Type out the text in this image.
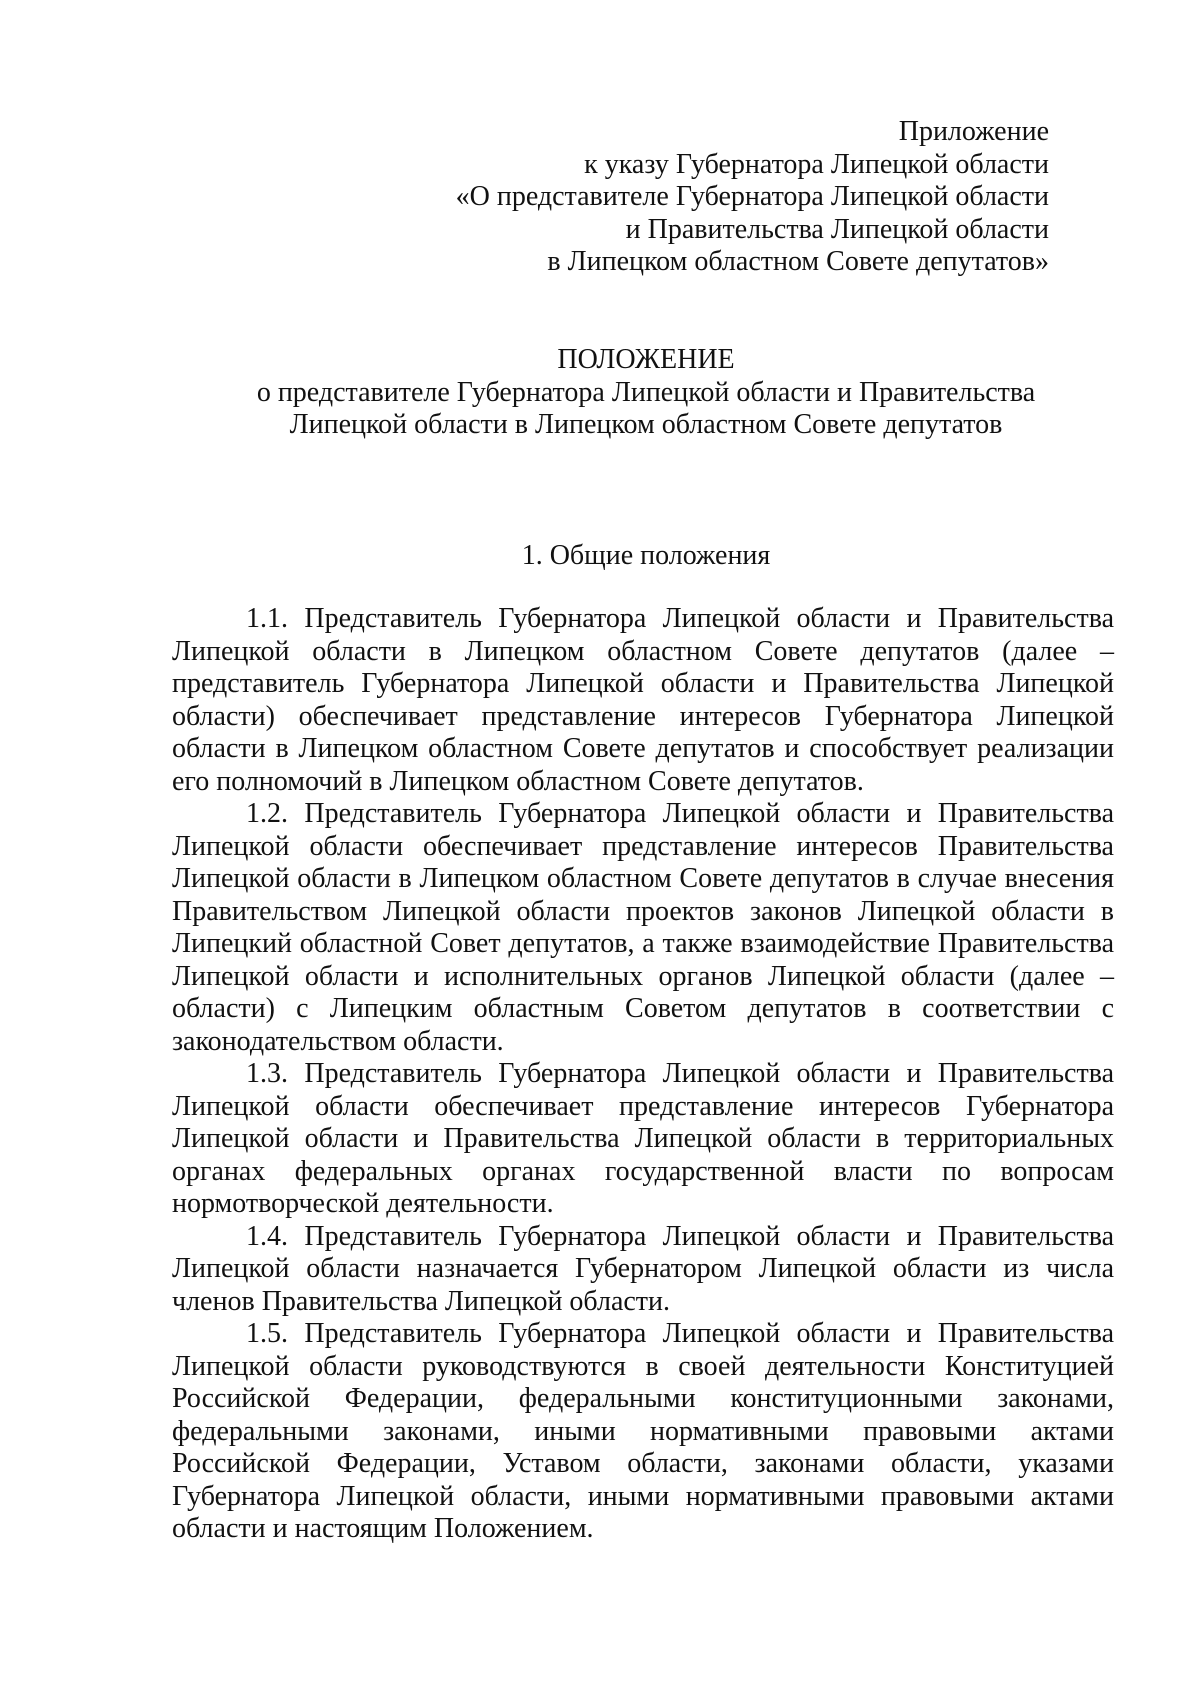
Приложение
к указу Губернатора Липецкой области
«О представителе Губернатора Липецкой области
и Правительства Липецкой области
в Липецком областном Совете депутатов»
ПОЛОЖЕНИЕ
о представителе Губернатора Липецкой области и Правительства
Липецкой области в Липецком областном Совете депутатов
1. Общие положения

1.1. Представитель Губернатора Липецкой области и Правительства Липецкой области в Липецком областном Совете депутатов (далее – представитель Губернатора Липецкой области и Правительства Липецкой области) обеспечивает представление интересов Губернатора Липецкой области в Липецком областном Совете депутатов и способствует реализации его полномочий в Липецком областном Совете депутатов.

1.2. Представитель Губернатора Липецкой области и Правительства Липецкой области обеспечивает представление интересов Правительства Липецкой области в Липецком областном Совете депутатов в случае внесения Правительством Липецкой области проектов законов Липецкой области в Липецкий областной Совет депутатов, а также взаимодействие Правительства Липецкой области и исполнительных органов Липецкой области (далее – области) с Липецким областным Советом депутатов в соответствии с законодательством области.

1.3. Представитель Губернатора Липецкой области и Правительства Липецкой области обеспечивает представление интересов Губернатора Липецкой области и Правительства Липецкой области в территориальных органах федеральных органах государственной власти по вопросам нормотворческой деятельности.

1.4. Представитель Губернатора Липецкой области и Правительства Липецкой области назначается Губернатором Липецкой области из числа членов Правительства Липецкой области.

1.5. Представитель Губернатора Липецкой области и Правительства Липецкой области руководствуются в своей деятельности Конституцией Российской Федерации, федеральными конституционными законами, федеральными законами, иными нормативными правовыми актами Российской Федерации, Уставом области, законами области, указами Губернатора Липецкой области, иными нормативными правовыми актами области и настоящим Положением.
